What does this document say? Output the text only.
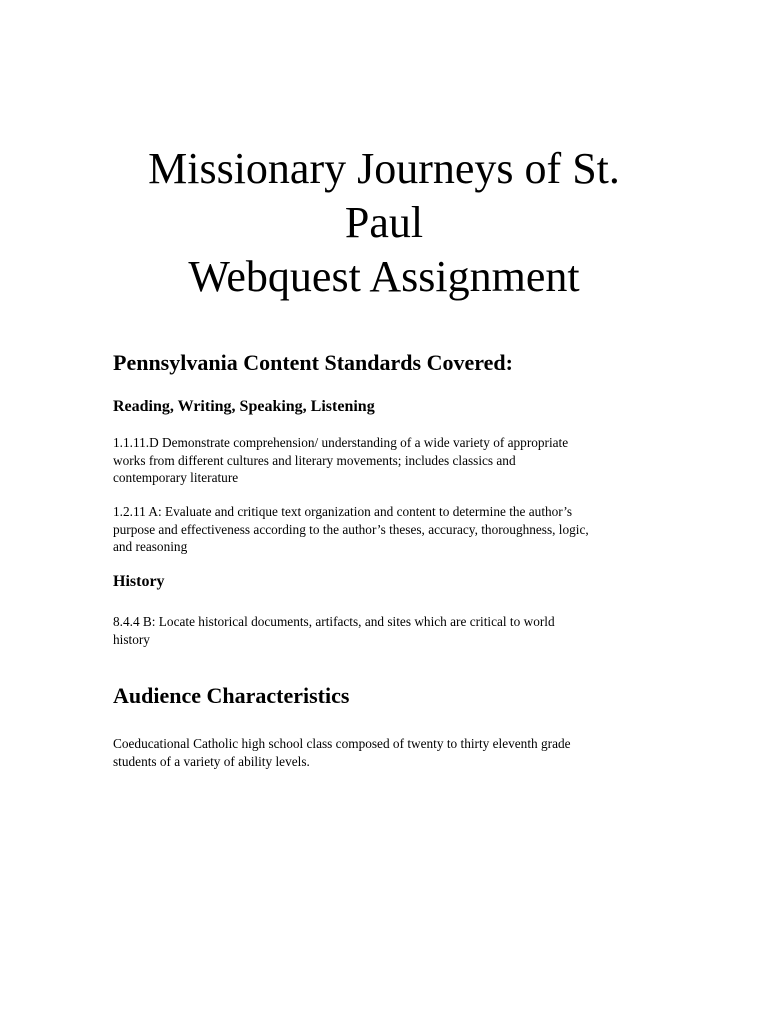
Missionary Journeys of St.
Paul
Webquest Assignment
Pennsylvania Content Standards Covered:
Reading, Writing, Speaking, Listening

1.1.11.D Demonstrate comprehension/ understanding of a wide variety of appropriate
works from different cultures and literary movements; includes classics and
contemporary literature

1.2.11 A: Evaluate and critique text organization and content to determine the author’s
purpose and effectiveness according to the author’s theses, accuracy, thoroughness, logic,
and reasoning

History

8.4.4 B: Locate historical documents, artifacts, and sites which are critical to world
history

Audience Characteristics

Coeducational Catholic high school class composed of twenty to thirty eleventh grade
students of a variety of ability levels.
